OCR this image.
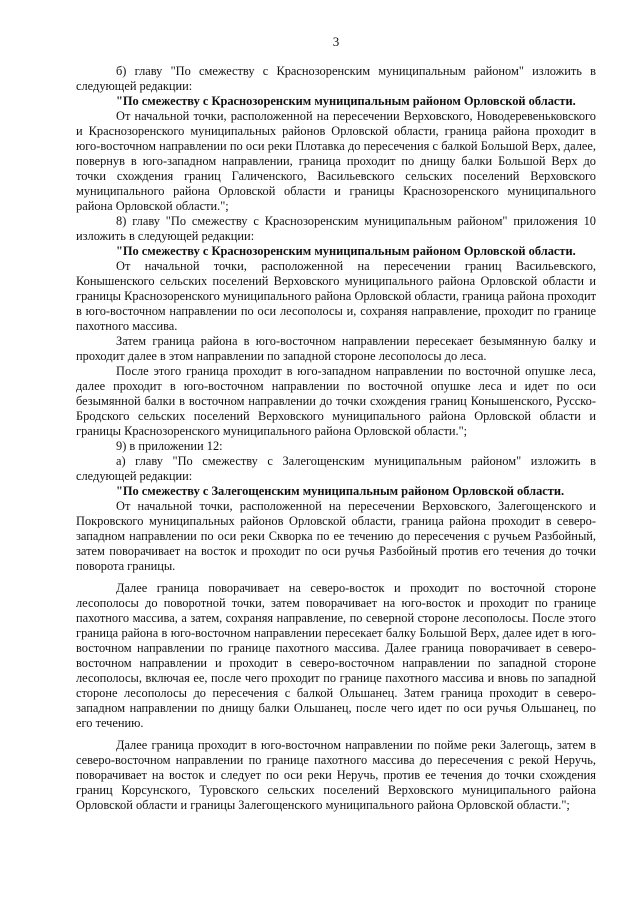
3

б) главу "По смежеству с Краснозоренским муниципальным районом" изложить в следующей редакции:

"По смежеству с Краснозоренским муниципальным районом Орловской области.

От начальной точки, расположенной на пересечении Верховского, Новодеревеньковского и Краснозоренского муниципальных районов Орловской области, граница района проходит в юго-восточном направлении по оси реки Плотавка до пересечения с балкой Большой Верх, далее, повернув в юго-западном направлении, граница проходит по днищу балки Большой Верх до точки схождения границ Галиченского, Васильевского сельских поселений Верховского муниципального района Орловской области и границы Краснозоренского муниципального района Орловской области.";

8) главу "По смежеству с Краснозоренским муниципальным районом" приложения 10 изложить в следующей редакции:

"По смежеству с Краснозоренским муниципальным районом Орловской области.

От начальной точки, расположенной на пересечении границ Васильевского, Конышенского сельских поселений Верховского муниципального района Орловской области и границы Краснозоренского муниципального района Орловской области, граница района проходит в юго-восточном направлении по оси лесополосы и, сохраняя направление, проходит по границе пахотного массива.

Затем граница района в юго-восточном направлении пересекает безымянную балку и проходит далее в этом направлении по западной стороне лесополосы до леса.

После этого граница проходит в юго-западном направлении по восточной опушке леса, далее проходит в юго-восточном направлении по восточной опушке леса и идет по оси безымянной балки в восточном направлении до точки схождения границ Конышенского, Русско-Бродского сельских поселений Верховского муниципального района Орловской области и границы Краснозоренского муниципального района Орловской области.";

9) в приложении 12:

а) главу "По смежеству с Залегощенским муниципальным районом" изложить в следующей редакции:

"По смежеству с Залегощенским муниципальным районом Орловской области.

От начальной точки, расположенной на пересечении Верховского, Залегощенского и Покровского муниципальных районов Орловской области, граница района проходит в северо-западном направлении по оси реки Скворка по ее течению до пересечения с ручьем Разбойный, затем поворачивает на восток и проходит по оси ручья Разбойный против его течения до точки поворота границы.

Далее граница поворачивает на северо-восток и проходит по восточной стороне лесополосы до поворотной точки, затем поворачивает на юго-восток и проходит по границе пахотного массива, а затем, сохраняя направление, по северной стороне лесополосы. После этого граница района в юго-восточном направлении пересекает балку Большой Верх, далее идет в юго-восточном направлении по границе пахотного массива. Далее граница поворачивает в северо-восточном направлении и проходит в северо-восточном направлении по западной стороне лесополосы, включая ее, после чего проходит по границе пахотного массива и вновь по западной стороне лесополосы до пересечения с балкой Ольшанец. Затем граница проходит в северо-западном направлении по днищу балки Ольшанец, после чего идет по оси ручья Ольшанец, по его течению.

Далее граница проходит в юго-восточном направлении по пойме реки Залегощь, затем в северо-восточном направлении по границе пахотного массива до пересечения с рекой Неручь, поворачивает на восток и следует по оси реки Неручь, против ее течения до точки схождения границ Корсунского, Туровского сельских поселений Верховского муниципального района Орловской области и границы Залегощенского муниципального района Орловской области.";
